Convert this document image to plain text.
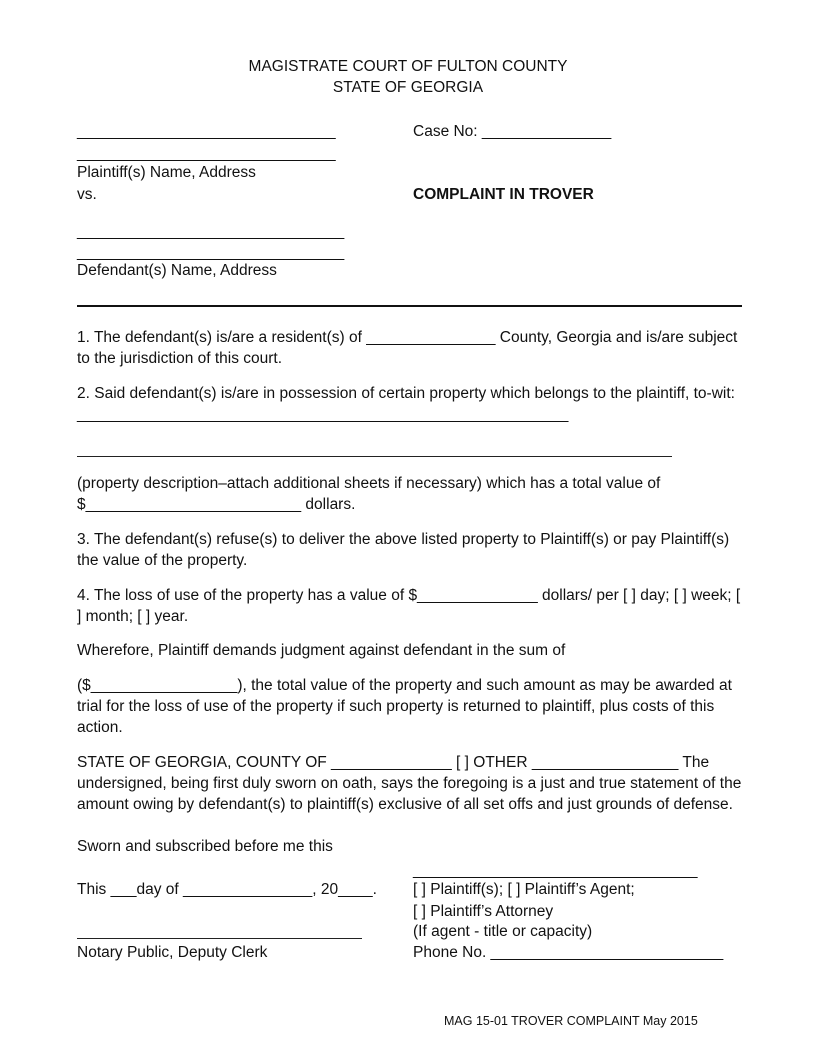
MAGISTRATE COURT OF FULTON COUNTY
STATE OF GEORGIA
______________________________
______________________________
Plaintiff(s) Name, Address
vs.
_______________________________
_______________________________
Defendant(s) Name, Address
Case No: _______________
COMPLAINT IN TROVER
1. The defendant(s) is/are a resident(s) of _______________ County, Georgia and is/are subject to the jurisdiction of this court.
2. Said defendant(s) is/are in possession of certain property which belongs to the plaintiff, to-wit: _________________________________________________________
(property description–attach additional sheets if necessary) which has a total value of $_________________________ dollars.
3. The defendant(s) refuse(s) to deliver the above listed property to Plaintiff(s) or pay Plaintiff(s) the value of the property.
4. The loss of use of the property has a value of $______________ dollars/ per [ ] day; [ ] week; [ ] month; [ ] year.
Wherefore, Plaintiff demands judgment against defendant in the sum of
($_________________), the total value of the property and such amount as may be awarded at trial for the loss of use of the property if such property is returned to plaintiff, plus costs of this action.
STATE OF GEORGIA, COUNTY OF ______________ [ ] OTHER _________________ The undersigned, being first duly sworn on oath, says the foregoing is a just and true statement of the amount owing by defendant(s) to plaintiff(s) exclusive of all set offs and just grounds of defense.
Sworn and subscribed before me this
This ___day of _______________, 20____.
Notary Public, Deputy Clerk
_________________________________
[ ] Plaintiff(s); [ ] Plaintiff’s Agent;
[ ] Plaintiff’s Attorney
(If agent - title or capacity)
Phone No. ___________________________
MAG 15-01 TROVER COMPLAINT May 2015
